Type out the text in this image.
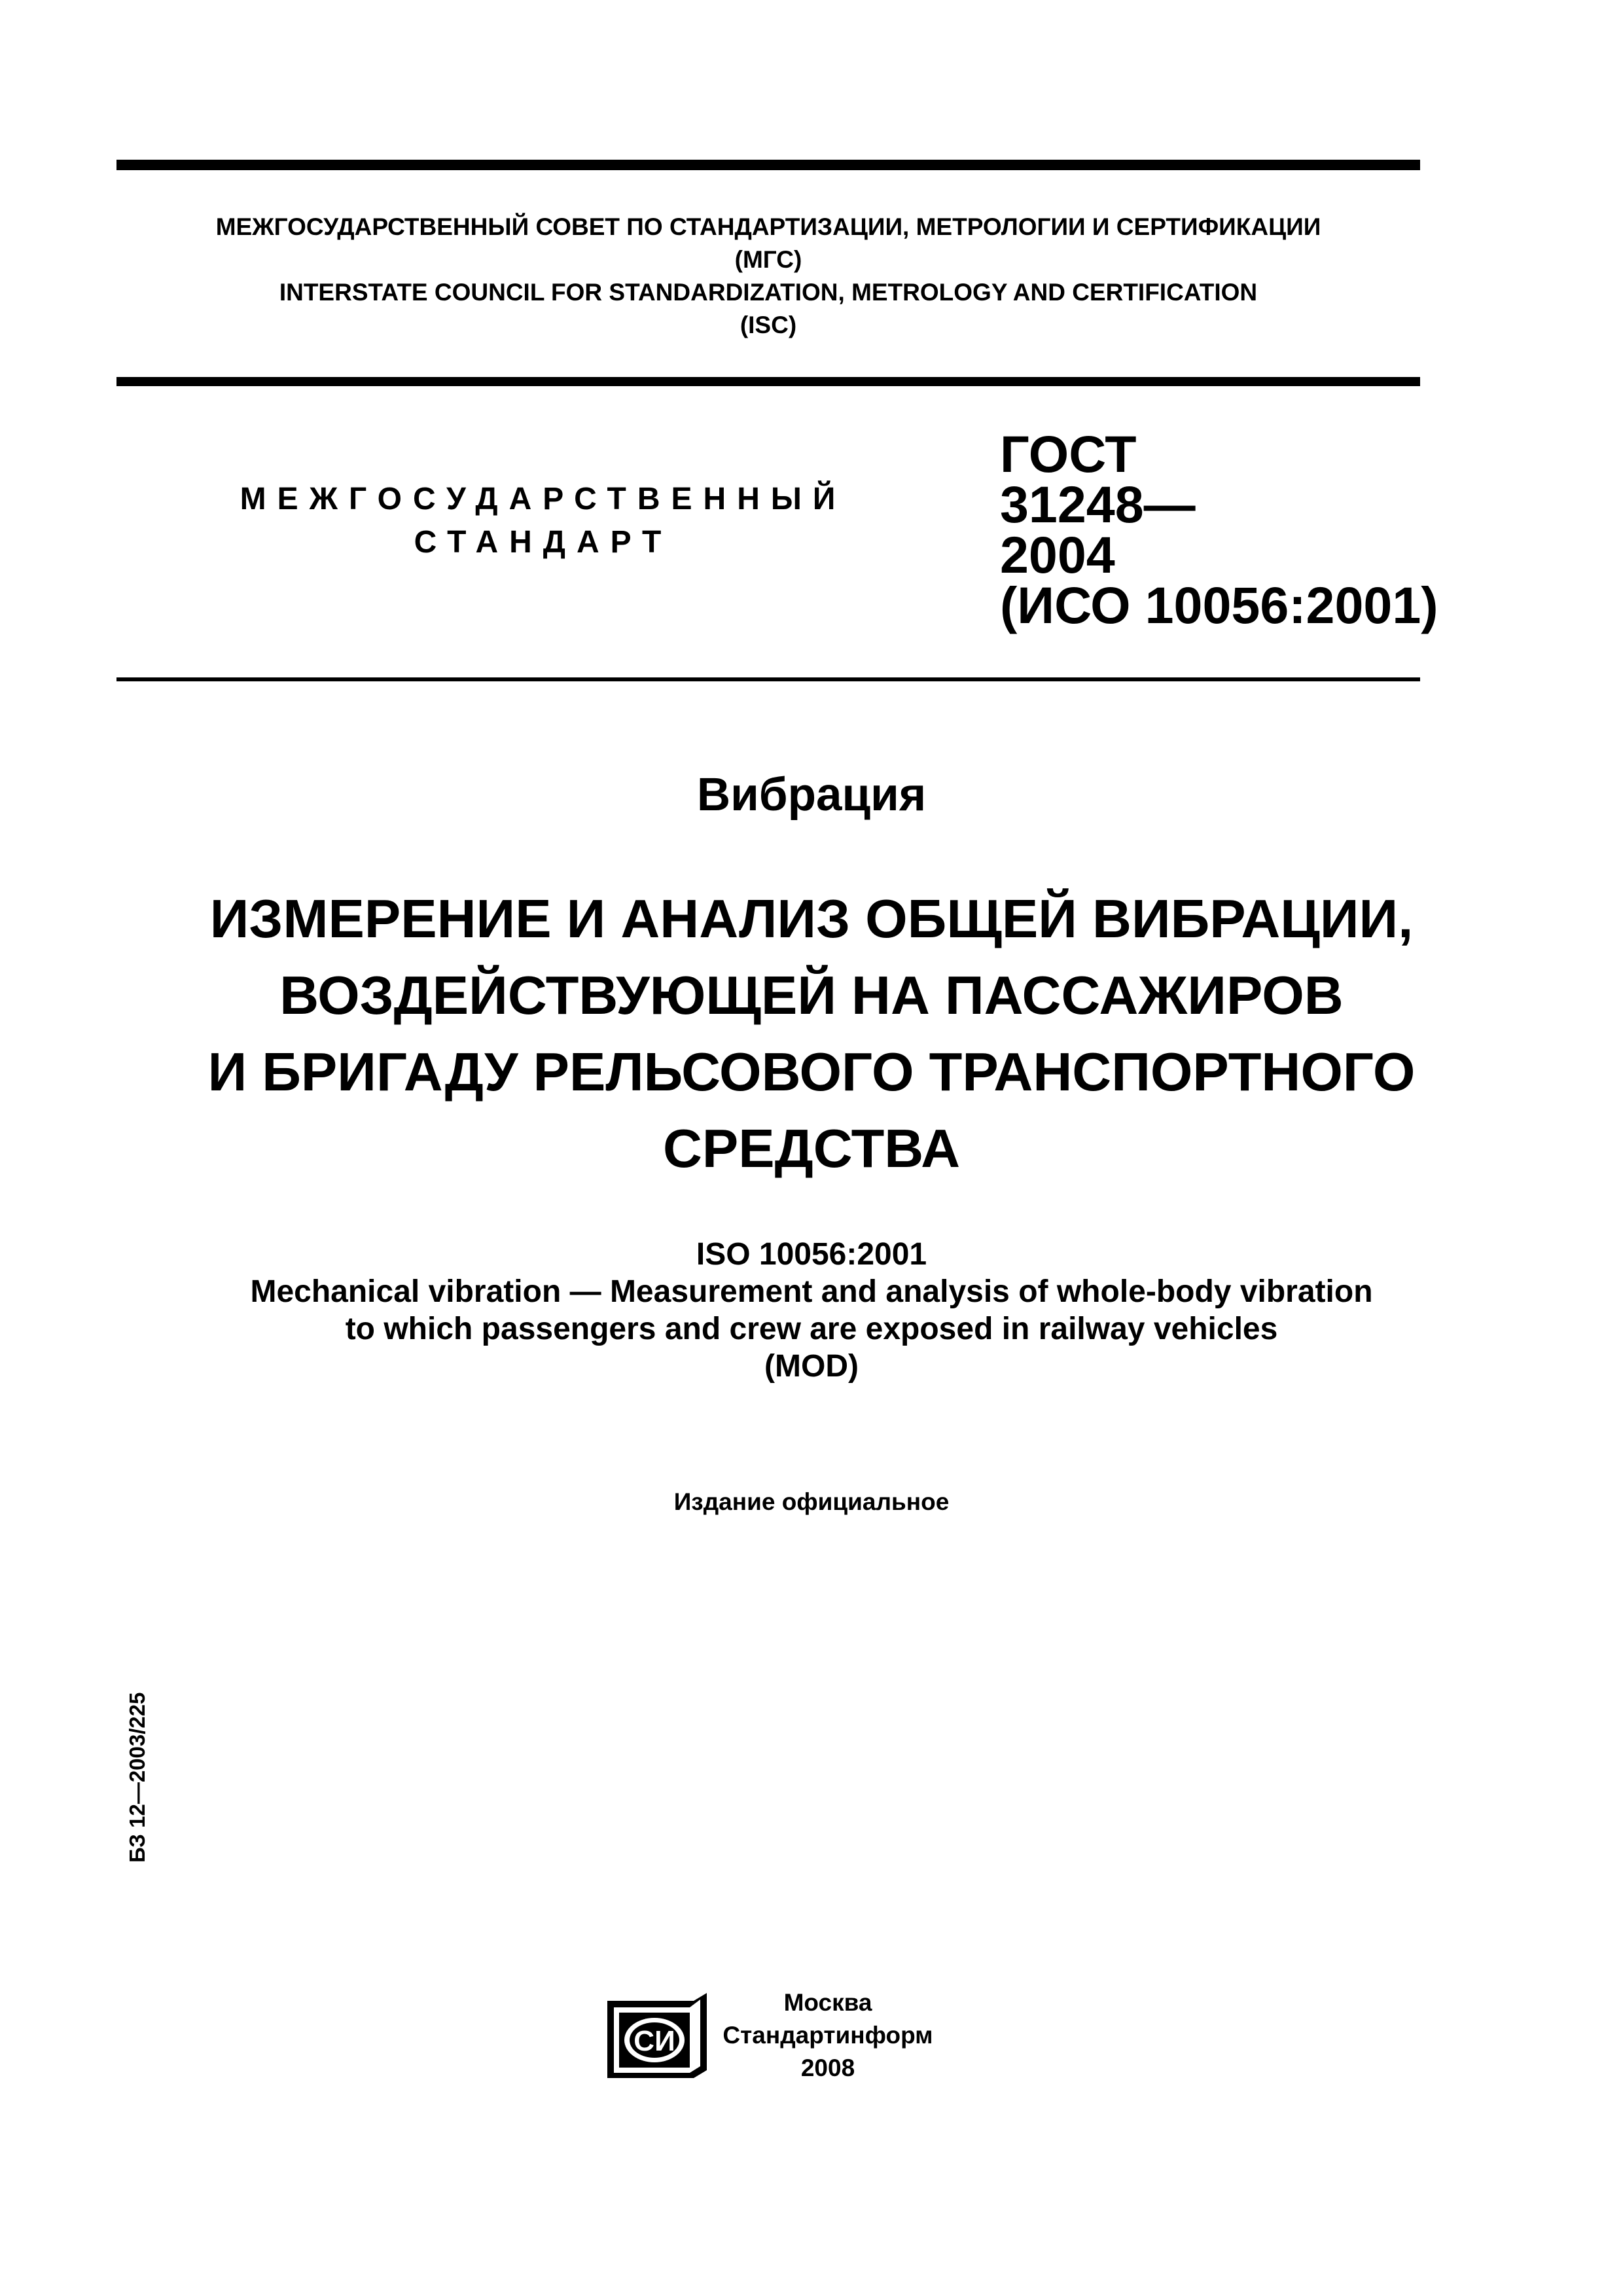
МЕЖГОСУДАРСТВЕННЫЙ СОВЕТ ПО СТАНДАРТИЗАЦИИ, МЕТРОЛОГИИ И СЕРТИФИКАЦИИ
(МГС)
INTERSTATE COUNCIL FOR STANDARDIZATION, METROLOGY AND CERTIFICATION
(ISC)
МЕЖГОСУДАРСТВЕННЫЙ
СТАНДАРТ
ГОСТ
31248—
2004
(ИСО 10056:2001)
Вибрация
ИЗМЕРЕНИЕ И АНАЛИЗ ОБЩЕЙ ВИБРАЦИИ,
ВОЗДЕЙСТВУЮЩЕЙ НА ПАССАЖИРОВ
И БРИГАДУ РЕЛЬСОВОГО ТРАНСПОРТНОГО
СРЕДСТВА
ISO 10056:2001
Mechanical vibration — Measurement and analysis of whole-body vibration
to which passengers and crew are exposed in railway vehicles
(MOD)
Издание официальное
БЗ 12—2003/225
СИ
Москва
Стандартинформ
2008
